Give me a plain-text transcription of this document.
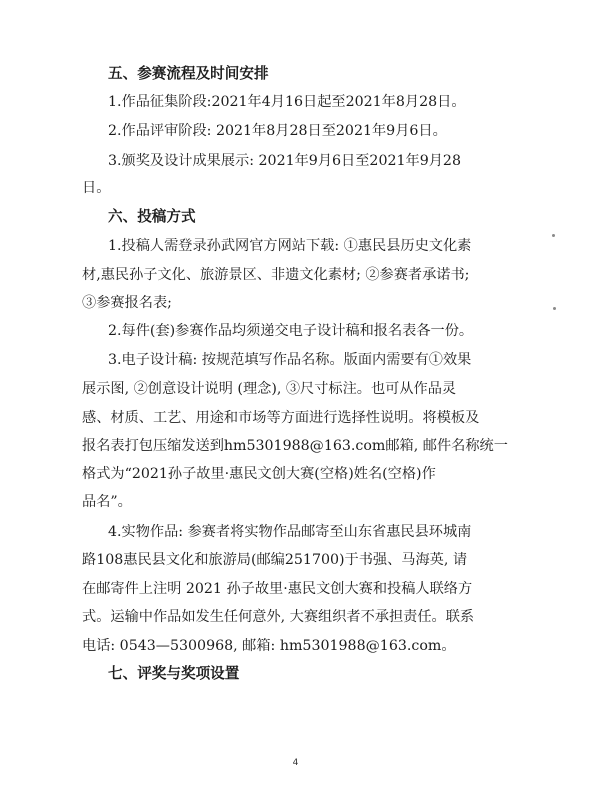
五、参赛流程及时间安排
1.作品征集阶段:2021年4月16日起至2021年8月28日。
2.作品评审阶段: 2021年8月28日至2021年9月6日。
3.颁奖及设计成果展示: 2021年9月6日至2021年9月28
日。
六、投稿方式
1.投稿人需登录孙武网官方网站下载: ①惠民县历史文化素
材,惠民孙子文化、旅游景区、非遗文化素材; ②参赛者承诺书;
③参赛报名表;
2.每件(套)参赛作品均须递交电子设计稿和报名表各一份。
3.电子设计稿: 按规范填写作品名称。版面内需要有①效果
展示图, ②创意设计说明 (理念), ③尺寸标注。也可从作品灵
感、材质、工艺、用途和市场等方面进行选择性说明。将模板及
报名表打包压缩发送到hm5301988@163.com邮箱, 邮件名称统一
格式为“2021孙子故里·惠民文创大赛(空格)姓名(空格)作
品名”。
4.实物作品: 参赛者将实物作品邮寄至山东省惠民县环城南
路108惠民县文化和旅游局(邮编251700)于书强、马海英, 请
在邮寄件上注明 2021 孙子故里·惠民文创大赛和投稿人联络方
式。运输中作品如发生任何意外, 大赛组织者不承担责任。联系
电话: 0543—5300968, 邮箱: hm5301988@163.com。
七、评奖与奖项设置
4
